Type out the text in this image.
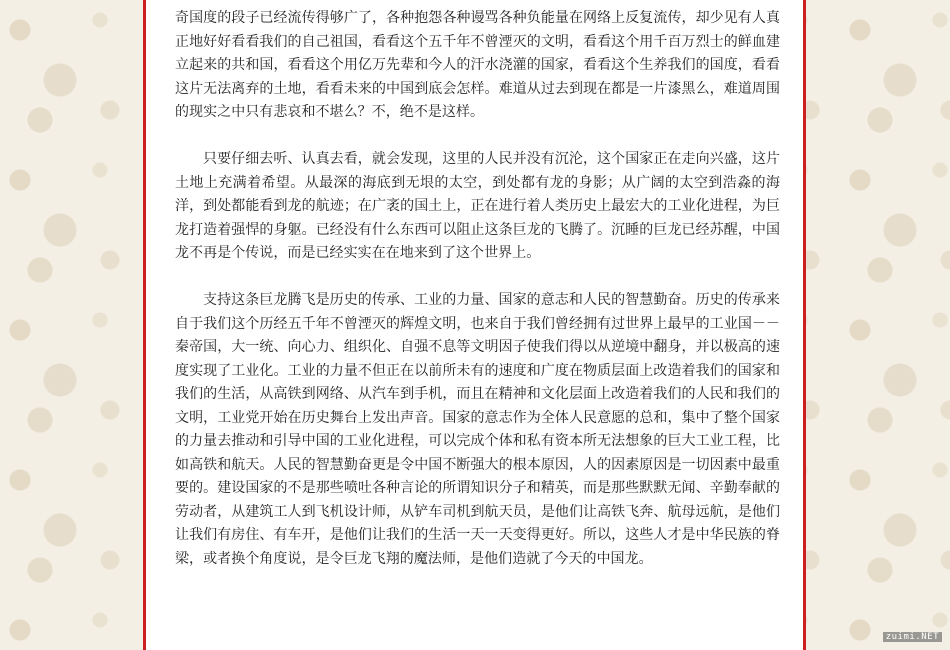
奇国度的段子已经流传得够广了，各种抱怨各种谩骂各种负能量在网络上反复流传，却少见有人真正地好好看看我们的自己祖国，看看这个五千年不曾湮灭的文明，看看这个用千百万烈士的鲜血建立起来的共和国，看看这个用亿万先辈和今人的汗水浇灌的国家，看看这个生养我们的国度，看看这片无法离弃的土地，看看未来的中国到底会怎样。难道从过去到现在都是一片漆黑么，难道周围的现实之中只有悲哀和不堪么？不，绝不是这样。

只要仔细去听、认真去看，就会发现，这里的人民并没有沉沦，这个国家正在走向兴盛，这片土地上充满着希望。从最深的海底到无垠的太空，到处都有龙的身影；从广阔的太空到浩淼的海洋，到处都能看到龙的航迹；在广袤的国土上，正在进行着人类历史上最宏大的工业化进程，为巨龙打造着强悍的身躯。已经没有什么东西可以阻止这条巨龙的飞腾了。沉睡的巨龙已经苏醒，中国龙不再是个传说，而是已经实实在在地来到了这个世界上。

支持这条巨龙腾飞是历史的传承、工业的力量、国家的意志和人民的智慧勤奋。历史的传承来自于我们这个历经五千年不曾湮灭的辉煌文明，也来自于我们曾经拥有过世界上最早的工业国－－秦帝国，大一统、向心力、组织化、自强不息等文明因子使我们得以从逆境中翻身，并以极高的速度实现了工业化。工业的力量不但正在以前所未有的速度和广度在物质层面上改造着我们的国家和我们的生活，从高铁到网络、从汽车到手机，而且在精神和文化层面上改造着我们的人民和我们的文明，工业党开始在历史舞台上发出声音。国家的意志作为全体人民意愿的总和，集中了整个国家的力量去推动和引导中国的工业化进程，可以完成个体和私有资本所无法想象的巨大工业工程，比如高铁和航天。人民的智慧勤奋更是令中国不断强大的根本原因，人的因素原因是一切因素中最重要的。建设国家的不是那些喷吐各种言论的所谓知识分子和精英，而是那些默默无闻、辛勤奉献的劳动者，从建筑工人到飞机设计师，从铲车司机到航天员，是他们让高铁飞奔、航母远航，是他们让我们有房住、有车开，是他们让我们的生活一天一天变得更好。所以，这些人才是中华民族的脊梁，或者换个角度说，是令巨龙飞翔的魔法师，是他们造就了今天的中国龙。

zuimi.NET
